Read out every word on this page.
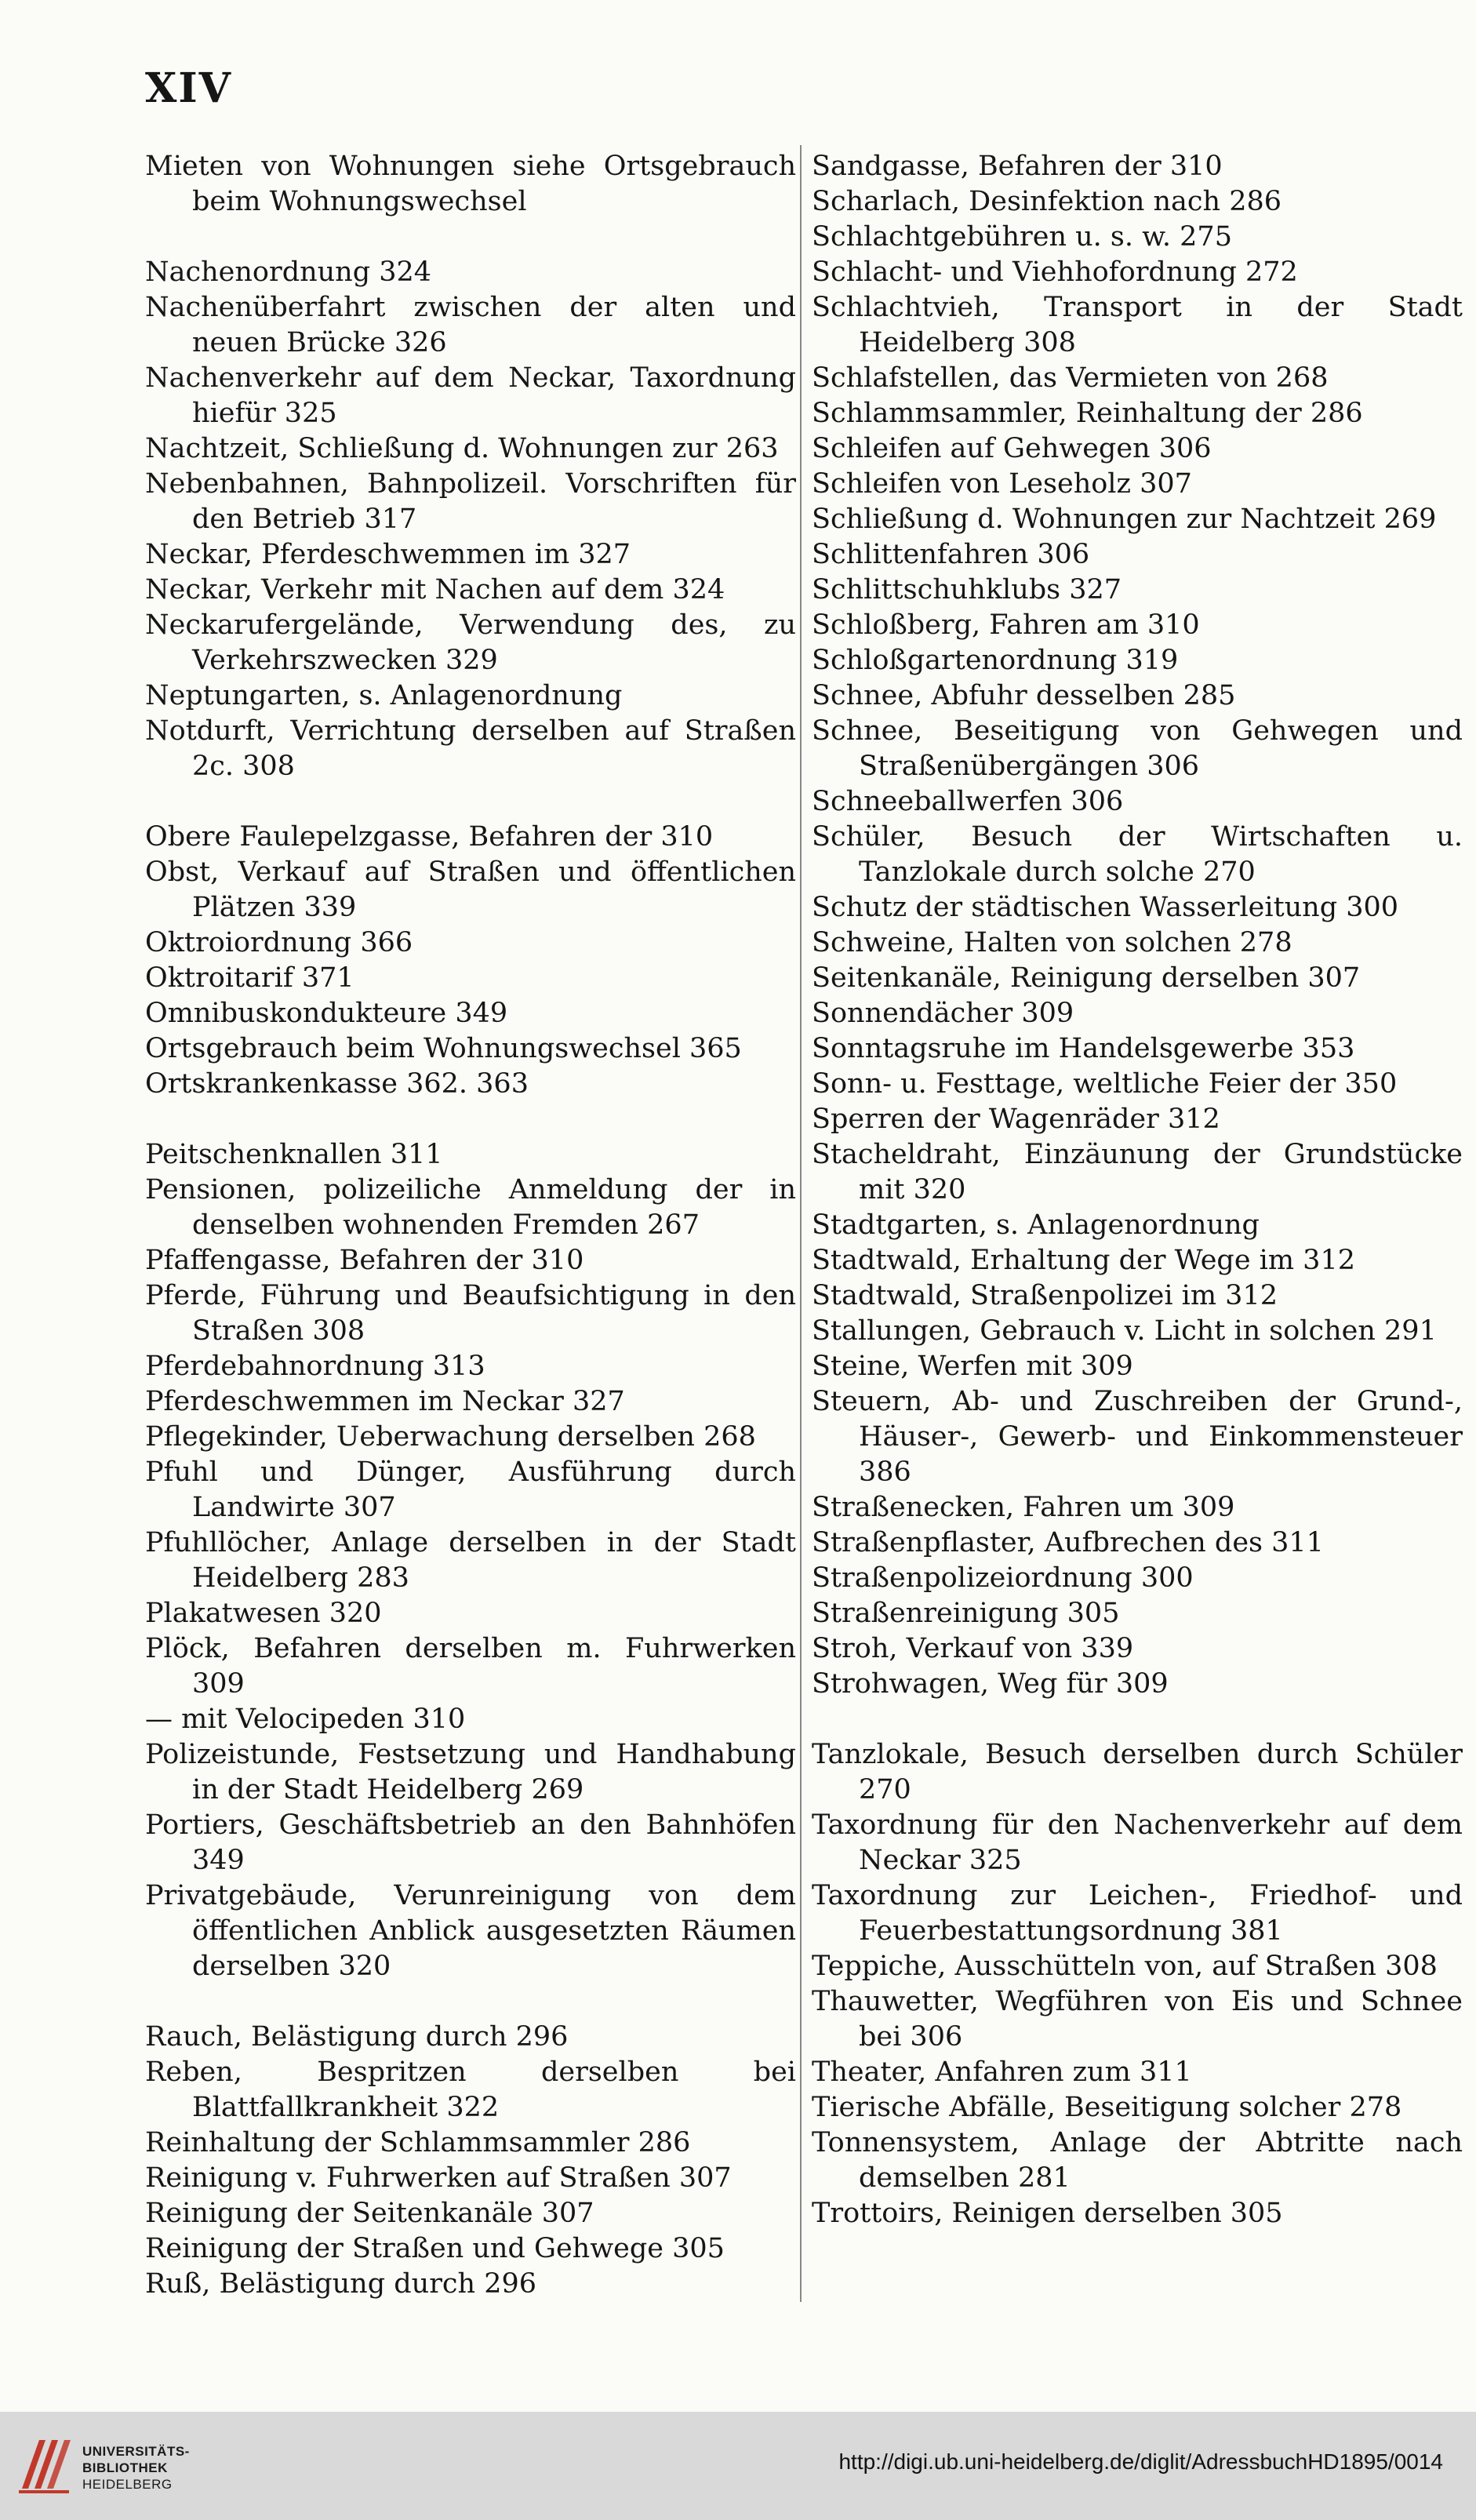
XIV
Mieten von Wohnungen siehe Ortsgebrauch beim Wohnungswechsel
Nachenordnung 324
Nachenüberfahrt zwischen der alten und neuen Brücke 326
Nachenverkehr auf dem Neckar, Taxordnung hiefür 325
Nachtzeit, Schließung d. Wohnungen zur 263
Nebenbahnen, Bahnpolizeil. Vorschriften für den Betrieb 317
Neckar, Pferdeschwemmen im 327
Neckar, Verkehr mit Nachen auf dem 324
Neckarufergelände, Verwendung des, zu Verkehrszwecken 329
Neptungarten, s. Anlagenordnung
Notdurft, Verrichtung derselben auf Straßen 2c. 308
Obere Faulepelzgasse, Befahren der 310
Obst, Verkauf auf Straßen und öffentlichen Plätzen 339
Oktroiordnung 366
Oktroitarif 371
Omnibuskondukteure 349
Ortsgebrauch beim Wohnungswechsel 365
Ortskrankenkasse 362. 363
Peitschenknallen 311
Pensionen, polizeiliche Anmeldung der in denselben wohnenden Fremden 267
Pfaffengasse, Befahren der 310
Pferde, Führung und Beaufsichtigung in den Straßen 308
Pferdebahnordnung 313
Pferdeschwemmen im Neckar 327
Pflegekinder, Ueberwachung derselben 268
Pfuhl und Dünger, Ausführung durch Landwirte 307
Pfuhllöcher, Anlage derselben in der Stadt Heidelberg 283
Plakatwesen 320
Plöck, Befahren derselben m. Fuhrwerken 309
— mit Velocipeden 310
Polizeistunde, Festsetzung und Handhabung in der Stadt Heidelberg 269
Portiers, Geschäftsbetrieb an den Bahnhöfen 349
Privatgebäude, Verunreinigung von dem öffentlichen Anblick ausgesetzten Räumen derselben 320
Rauch, Belästigung durch 296
Reben, Bespritzen derselben bei Blattfallkrankheit 322
Reinhaltung der Schlammsammler 286
Reinigung v. Fuhrwerken auf Straßen 307
Reinigung der Seitenkanäle 307
Reinigung der Straßen und Gehwege 305
Ruß, Belästigung durch 296
Sandgasse, Befahren der 310
Scharlach, Desinfektion nach 286
Schlachtgebühren u. s. w. 275
Schlacht- und Viehhofordnung 272
Schlachtvieh, Transport in der Stadt Heidelberg 308
Schlafstellen, das Vermieten von 268
Schlammsammler, Reinhaltung der 286
Schleifen auf Gehwegen 306
Schleifen von Leseholz 307
Schließung d. Wohnungen zur Nachtzeit 269
Schlittenfahren 306
Schlittschuhklubs 327
Schloßberg, Fahren am 310
Schloßgartenordnung 319
Schnee, Abfuhr desselben 285
Schnee, Beseitigung von Gehwegen und Straßenübergängen 306
Schneeballwerfen 306
Schüler, Besuch der Wirtschaften u. Tanzlokale durch solche 270
Schutz der städtischen Wasserleitung 300
Schweine, Halten von solchen 278
Seitenkanäle, Reinigung derselben 307
Sonnendächer 309
Sonntagsruhe im Handelsgewerbe 353
Sonn- u. Festtage, weltliche Feier der 350
Sperren der Wagenräder 312
Stacheldraht, Einzäunung der Grundstücke mit 320
Stadtgarten, s. Anlagenordnung
Stadtwald, Erhaltung der Wege im 312
Stadtwald, Straßenpolizei im 312
Stallungen, Gebrauch v. Licht in solchen 291
Steine, Werfen mit 309
Steuern, Ab- und Zuschreiben der Grund-, Häuser-, Gewerb- und Einkommensteuer 386
Straßenecken, Fahren um 309
Straßenpflaster, Aufbrechen des 311
Straßenpolizeiordnung 300
Straßenreinigung 305
Stroh, Verkauf von 339
Strohwagen, Weg für 309
Tanzlokale, Besuch derselben durch Schüler 270
Taxordnung für den Nachenverkehr auf dem Neckar 325
Taxordnung zur Leichen-, Friedhof- und Feuerbestattungsordnung 381
Teppiche, Ausschütteln von, auf Straßen 308
Thauwetter, Wegführen von Eis und Schnee bei 306
Theater, Anfahren zum 311
Tierische Abfälle, Beseitigung solcher 278
Tonnensystem, Anlage der Abtritte nach demselben 281
Trottoirs, Reinigen derselben 305
UNIVERSITÄTS-
BIBLIOTHEK
HEIDELBERG
http://digi.ub.uni-heidelberg.de/diglit/AdressbuchHD1895/0014
